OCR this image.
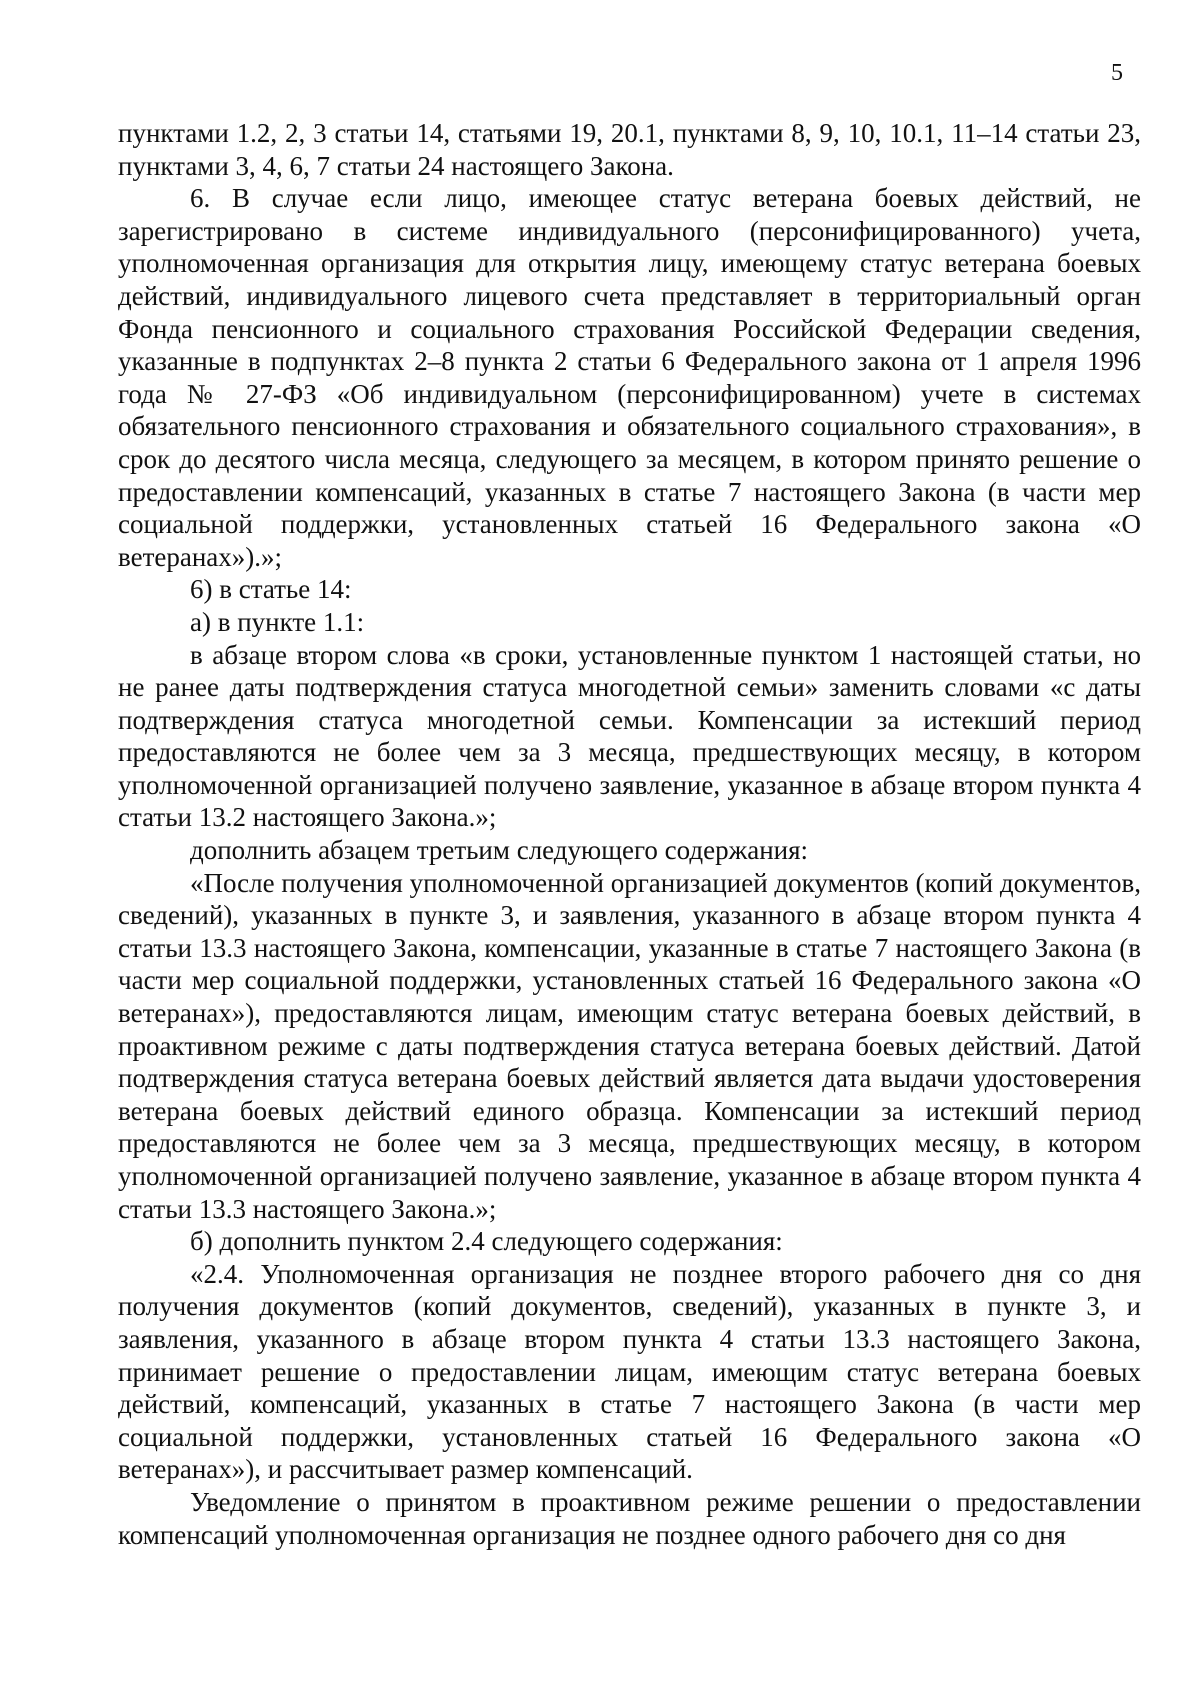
5

пунктами 1.2, 2, 3 статьи 14, статьями 19, 20.1, пунктами 8, 9, 10, 10.1, 11–14 статьи 23, пунктами 3, 4, 6, 7 статьи 24 настоящего Закона.

6. В случае если лицо, имеющее статус ветерана боевых действий, не зарегистрировано в системе индивидуального (персонифицированного) учета, уполномоченная организация для открытия лицу, имеющему статус ветерана боевых действий, индивидуального лицевого счета представляет в территориальный орган Фонда пенсионного и социального страхования Российской Федерации сведения, указанные в подпунктах 2–8 пункта 2 статьи 6 Федерального закона от 1 апреля 1996 года № 27-ФЗ «Об индивидуальном (персонифицированном) учете в системах обязательного пенсионного страхования и обязательного социального страхования», в срок до десятого числа месяца, следующего за месяцем, в котором принято решение о предоставлении компенсаций, указанных в статье 7 настоящего Закона (в части мер социальной поддержки, установленных статьей 16 Федерального закона «О ветеранах»).»;

6) в статье 14:

а) в пункте 1.1:

в абзаце втором слова «в сроки, установленные пунктом 1 настоящей статьи, но не ранее даты подтверждения статуса многодетной семьи» заменить словами «с даты подтверждения статуса многодетной семьи. Компенсации за истекший период предоставляются не более чем за 3 месяца, предшествующих месяцу, в котором уполномоченной организацией получено заявление, указанное в абзаце втором пункта 4 статьи 13.2 настоящего Закона.»;

дополнить абзацем третьим следующего содержания:

«После получения уполномоченной организацией документов (копий документов, сведений), указанных в пункте 3, и заявления, указанного в абзаце втором пункта 4 статьи 13.3 настоящего Закона, компенсации, указанные в статье 7 настоящего Закона (в части мер социальной поддержки, установленных статьей 16 Федерального закона «О ветеранах»), предоставляются лицам, имеющим статус ветерана боевых действий, в проактивном режиме с даты подтверждения статуса ветерана боевых действий. Датой подтверждения статуса ветерана боевых действий является дата выдачи удостоверения ветерана боевых действий единого образца. Компенсации за истекший период предоставляются не более чем за 3 месяца, предшествующих месяцу, в котором уполномоченной организацией получено заявление, указанное в абзаце втором пункта 4 статьи 13.3 настоящего Закона.»;

б) дополнить пунктом 2.4 следующего содержания:

«2.4. Уполномоченная организация не позднее второго рабочего дня со дня получения документов (копий документов, сведений), указанных в пункте 3, и заявления, указанного в абзаце втором пункта 4 статьи 13.3 настоящего Закона, принимает решение о предоставлении лицам, имеющим статус ветерана боевых действий, компенсаций, указанных в статье 7 настоящего Закона (в части мер социальной поддержки, установленных статьей 16 Федерального закона «О ветеранах»), и рассчитывает размер компенсаций.

Уведомление о принятом в проактивном режиме решении о предоставлении компенсаций уполномоченная организация не позднее одного рабочего дня со дня
